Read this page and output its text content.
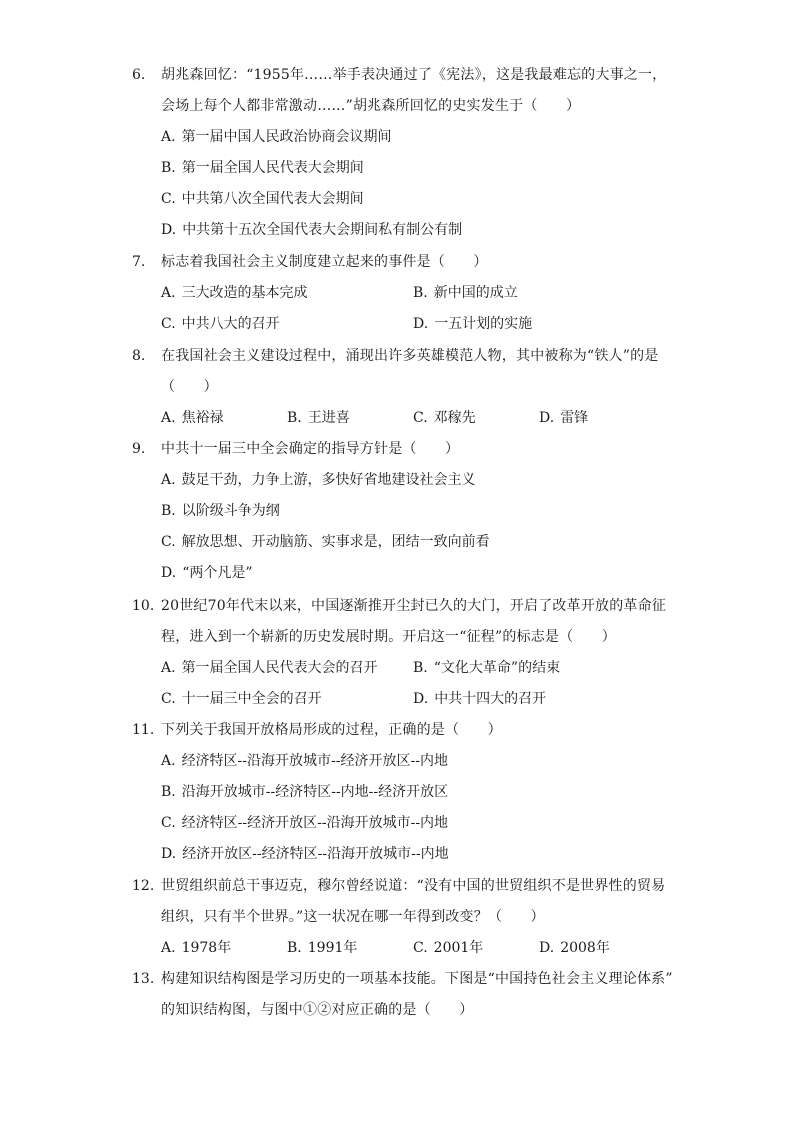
6.	胡兆森回忆：“1955年……举手表决通过了《宪法》，这是我最难忘的大事之一，
会场上每个人都非常激动……”胡兆森所回忆的史实发生于（　　）
A. 第一届中国人民政治协商会议期间
B. 第一届全国人民代表大会期间
C. 中共第八次全国代表大会期间
D. 中共第十五次全国代表大会期间私有制公有制
7.	标志着我国社会主义制度建立起来的事件是（　　）
A. 三大改造的基本完成	B. 新中国的成立
C. 中共八大的召开	D. 一五计划的实施
8.	在我国社会主义建设过程中，涌现出许多英雄模范人物，其中被称为“铁人”的是
（　　）
A. 焦裕禄	B. 王进喜	C. 邓稼先	D. 雷锋
9.	中共十一届三中全会确定的指导方针是（　　）
A. 鼓足干劲，力争上游，多快好省地建设社会主义
B. 以阶级斗争为纲
C. 解放思想、开动脑筋、实事求是，团结一致向前看
D. “两个凡是”
10. 20世纪70年代末以来，中国逐渐推开尘封已久的大门，开启了改革开放的革命征
程，进入到一个崭新的历史发展时期。开启这一“征程”的标志是（　　）
A. 第一届全国人民代表大会的召开	B. “文化大革命”的结束
C. 十一届三中全会的召开	D. 中共十四大的召开
11. 下列关于我国开放格局形成的过程，正确的是（　　）
A. 经济特区--沿海开放城市--经济开放区--内地
B. 沿海开放城市--经济特区--内地--经济开放区
C. 经济特区--经济开放区--沿海开放城市--内地
D. 经济开放区--经济特区--沿海开放城市--内地
12. 世贸组织前总干事迈克，穆尔曾经说道：“没有中国的世贸组织不是世界性的贸易
组织，只有半个世界。”这一状况在哪一年得到改变？（　　）
A. 1978年	B. 1991年	C. 2001年	D. 2008年
13. 构建知识结构图是学习历史的一项基本技能。下图是“中国持色社会主义理论体系”
的知识结构图，与图中①②对应正确的是（　　）
